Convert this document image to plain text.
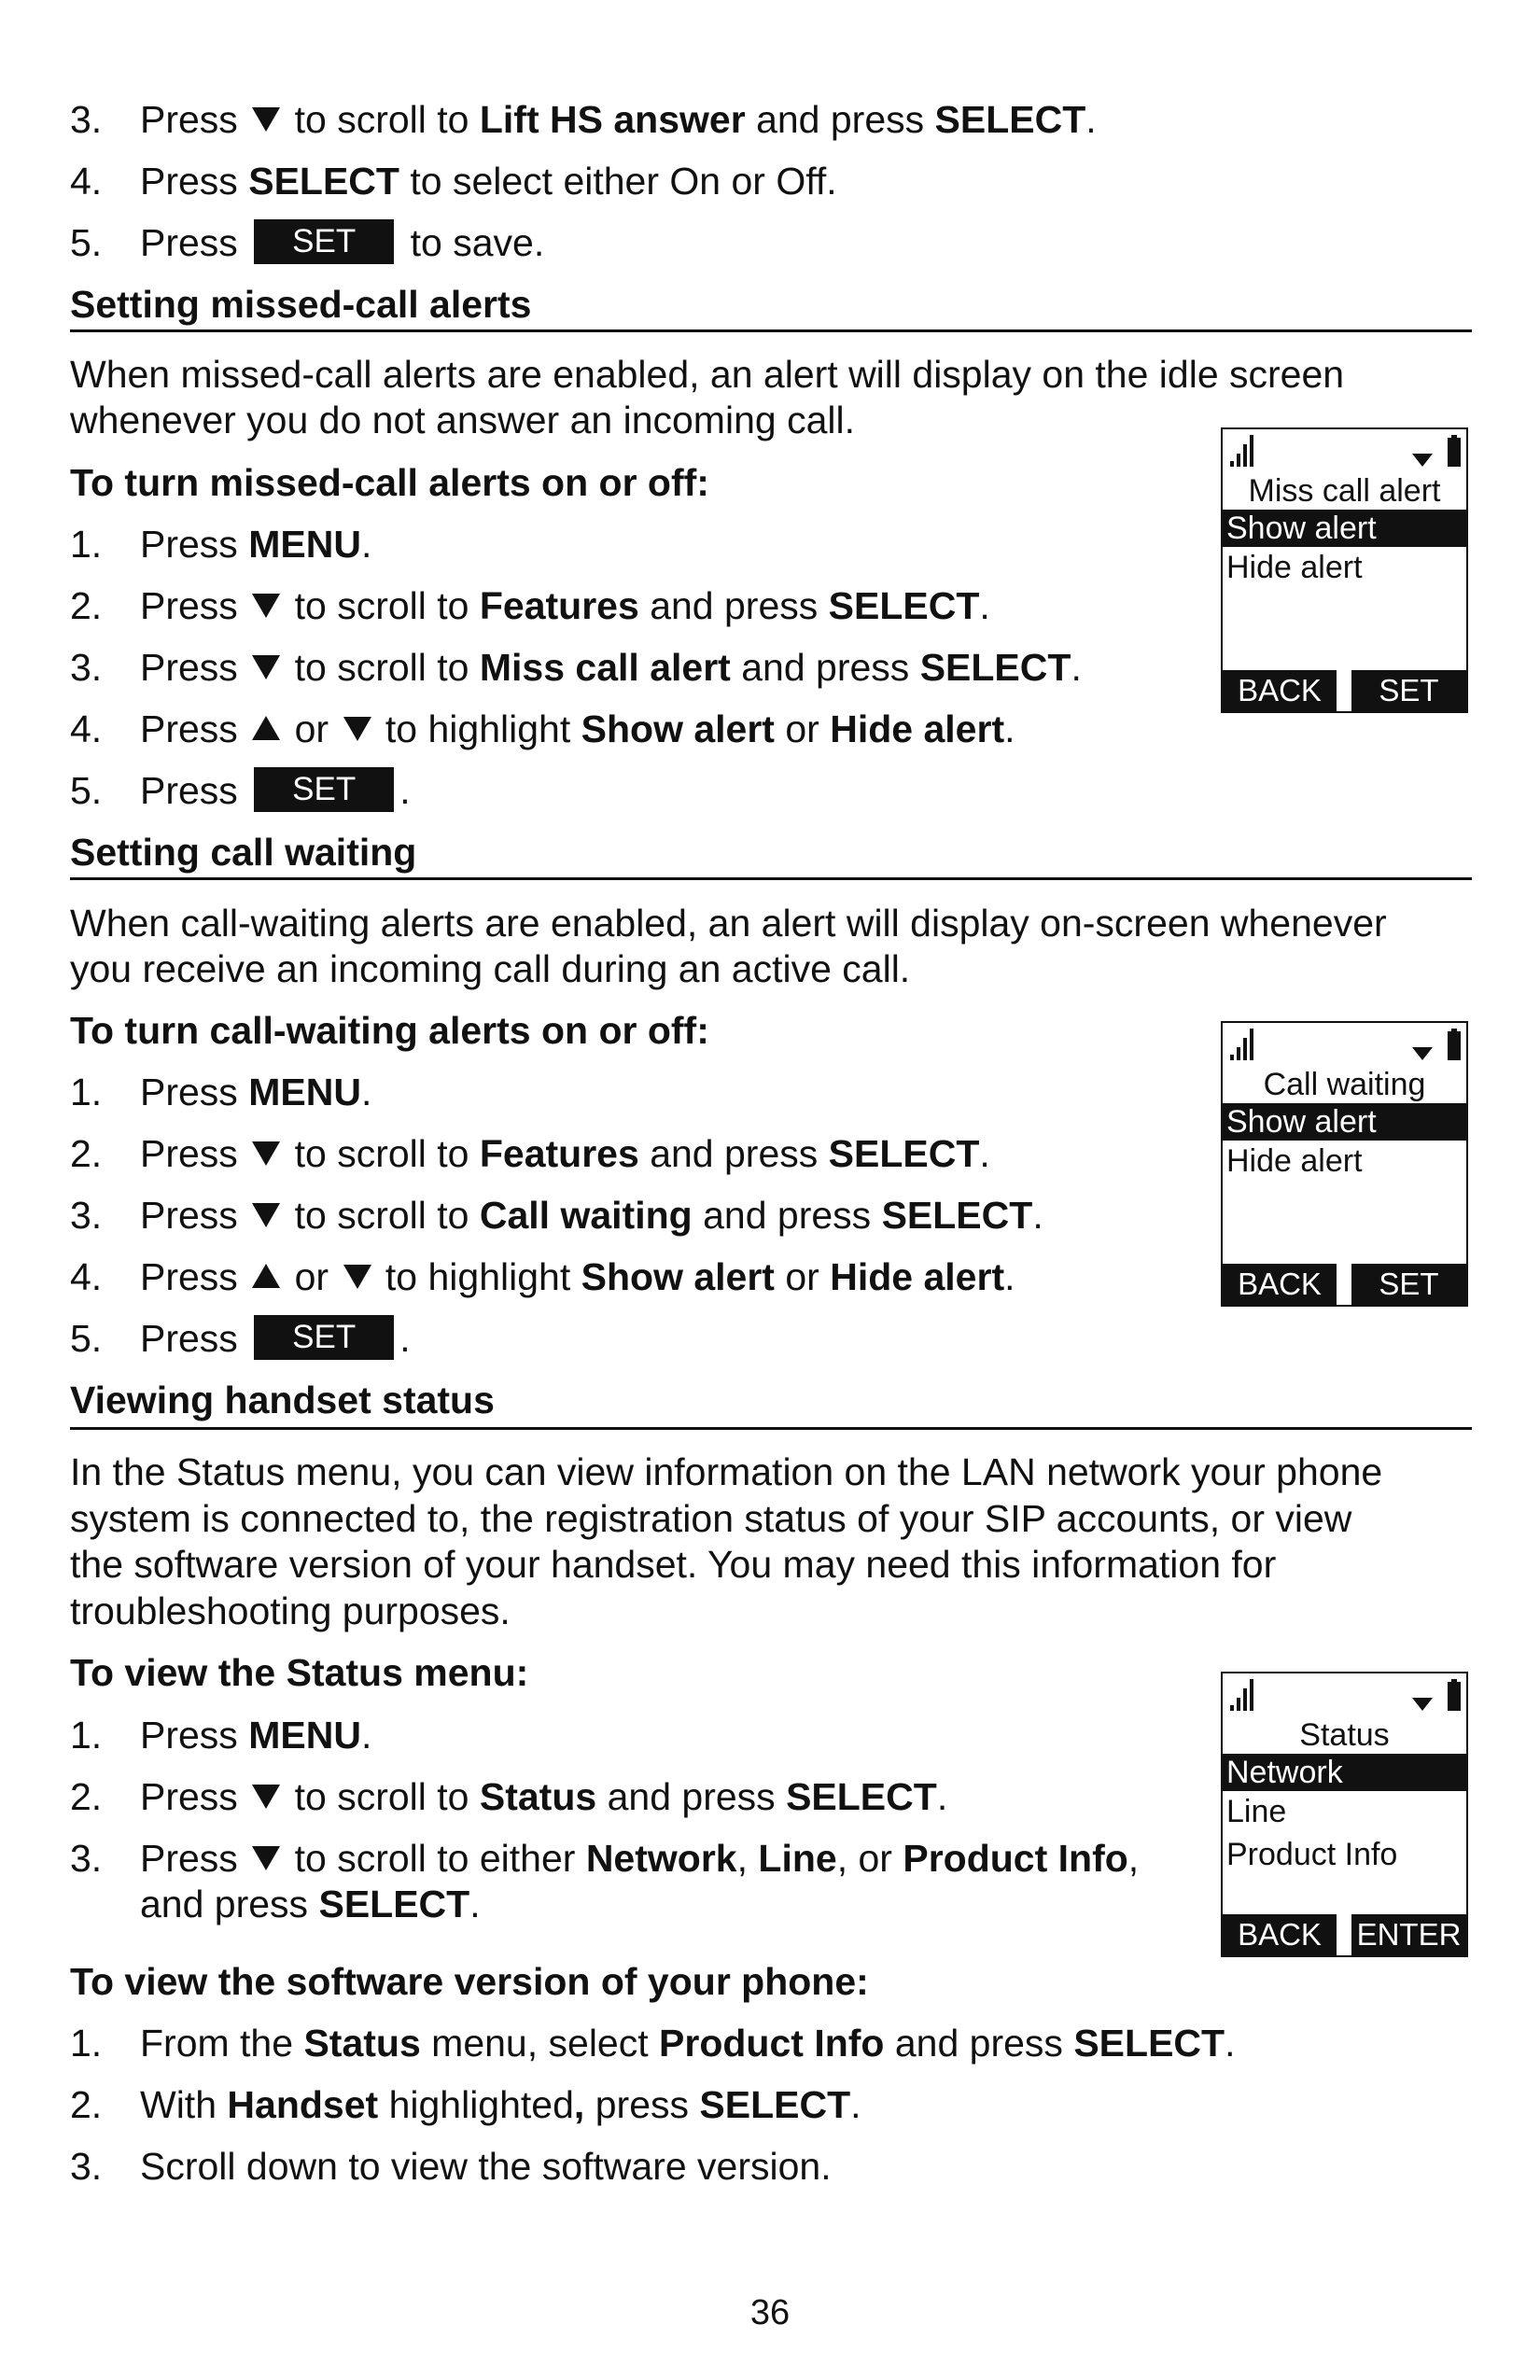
3. Press to scroll to Lift HS answer and press SELECT.
4. Press SELECT to select either On or Off.
5. Press SET to save.
Setting missed-call alerts
When missed-call alerts are enabled, an alert will display on the idle screen
whenever you do not answer an incoming call.
To turn missed-call alerts on or off:
1. Press MENU.
2. Press to scroll to Features and press SELECT.
3. Press to scroll to Miss call alert and press SELECT.
4. Press or to highlight Show alert or Hide alert.
5. Press SET .
Miss call alert
Show alert
Hide alert
BACK	SET
Setting call waiting
When call-waiting alerts are enabled, an alert will display on-screen whenever
you receive an incoming call during an active call.
To turn call-waiting alerts on or off:
1. Press MENU.
2. Press to scroll to Features and press SELECT.
3. Press to scroll to Call waiting and press SELECT.
4. Press or to highlight Show alert or Hide alert.
5. Press SET .
Call waiting
Show alert
Hide alert
BACK	SET
Viewing handset status
In the Status menu, you can view information on the LAN network your phone
system is connected to, the registration status of your SIP accounts, or view
the software version of your handset. You may need this information for
troubleshooting purposes.
To view the Status menu:
1. Press MENU.
2. Press to scroll to Status and press SELECT.
3. Press to scroll to either Network, Line, or Product Info,
and press SELECT.
Status
Network
Line
Product Info
BACK	ENTER
To view the software version of your phone:
1. From the Status menu, select Product Info and press SELECT.
2. With Handset highlighted, press SELECT.
3. Scroll down to view the software version.
36
